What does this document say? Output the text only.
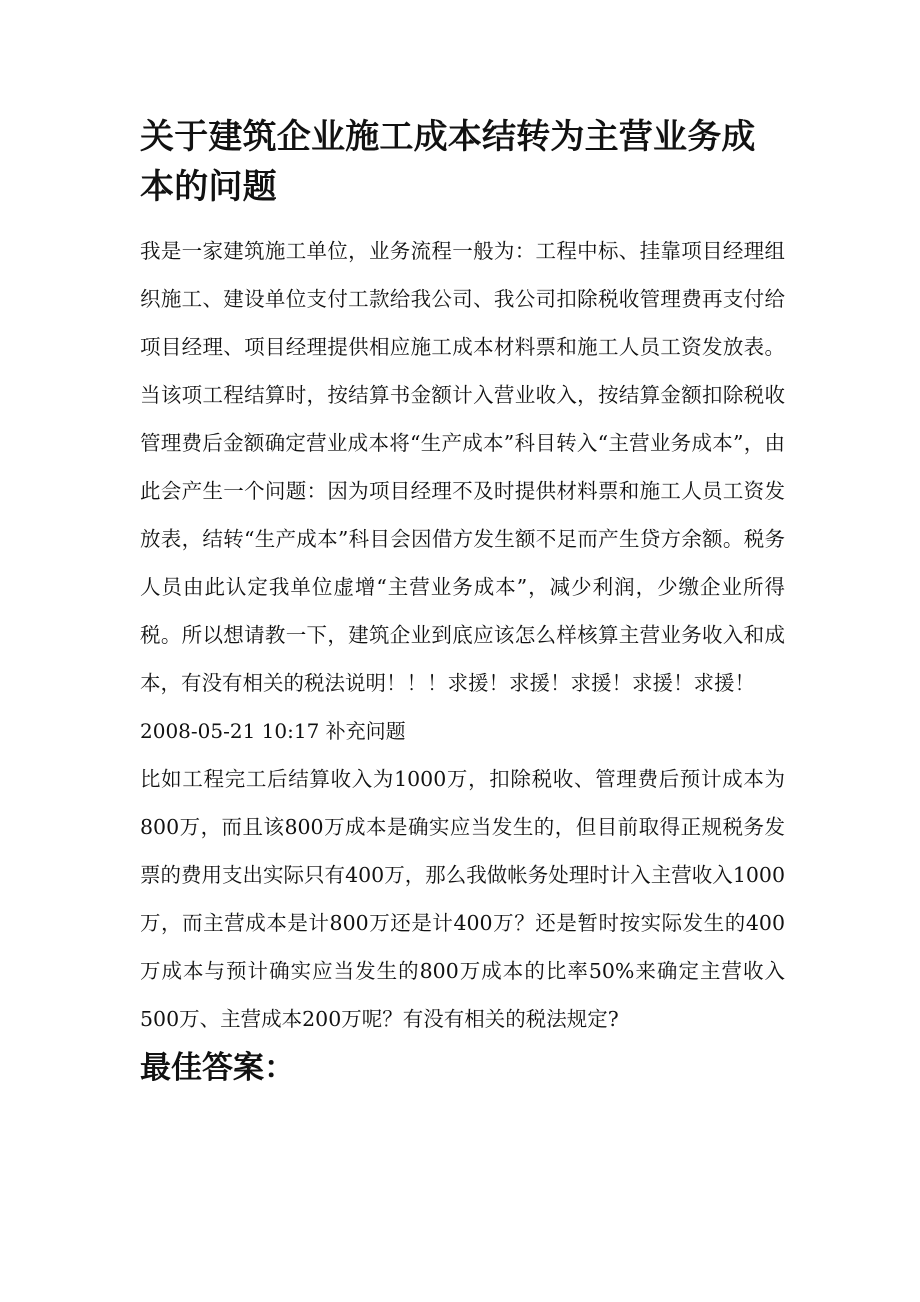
关于建筑企业施工成本结转为主营业务成本的问题

我是一家建筑施工单位，业务流程一般为：工程中标、挂靠项目经理组织施工、建设单位支付工款给我公司、我公司扣除税收管理费再支付给项目经理、项目经理提供相应施工成本材料票和施工人员工资发放表。当该项工程结算时，按结算书金额计入营业收入，按结算金额扣除税收管理费后金额确定营业成本将“生产成本”科目转入“主营业务成本”，由此会产生一个问题：因为项目经理不及时提供材料票和施工人员工资发放表，结转“生产成本”科目会因借方发生额不足而产生贷方余额。税务人员由此认定我单位虚增“主营业务成本”，减少利润，少缴企业所得税。所以想请教一下，建筑企业到底应该怎么样核算主营业务收入和成本，有没有相关的税法说明！！！求援！求援！求援！求援！求援！

2008-05-21 10:17 补充问题

比如工程完工后结算收入为1000万，扣除税收、管理费后预计成本为800万，而且该800万成本是确实应当发生的，但目前取得正规税务发票的费用支出实际只有400万，那么我做帐务处理时计入主营收入1000万，而主营成本是计800万还是计400万？还是暂时按实际发生的400万成本与预计确实应当发生的800万成本的比率50%来确定主营收入500万、主营成本200万呢？有没有相关的税法规定?

最佳答案：
